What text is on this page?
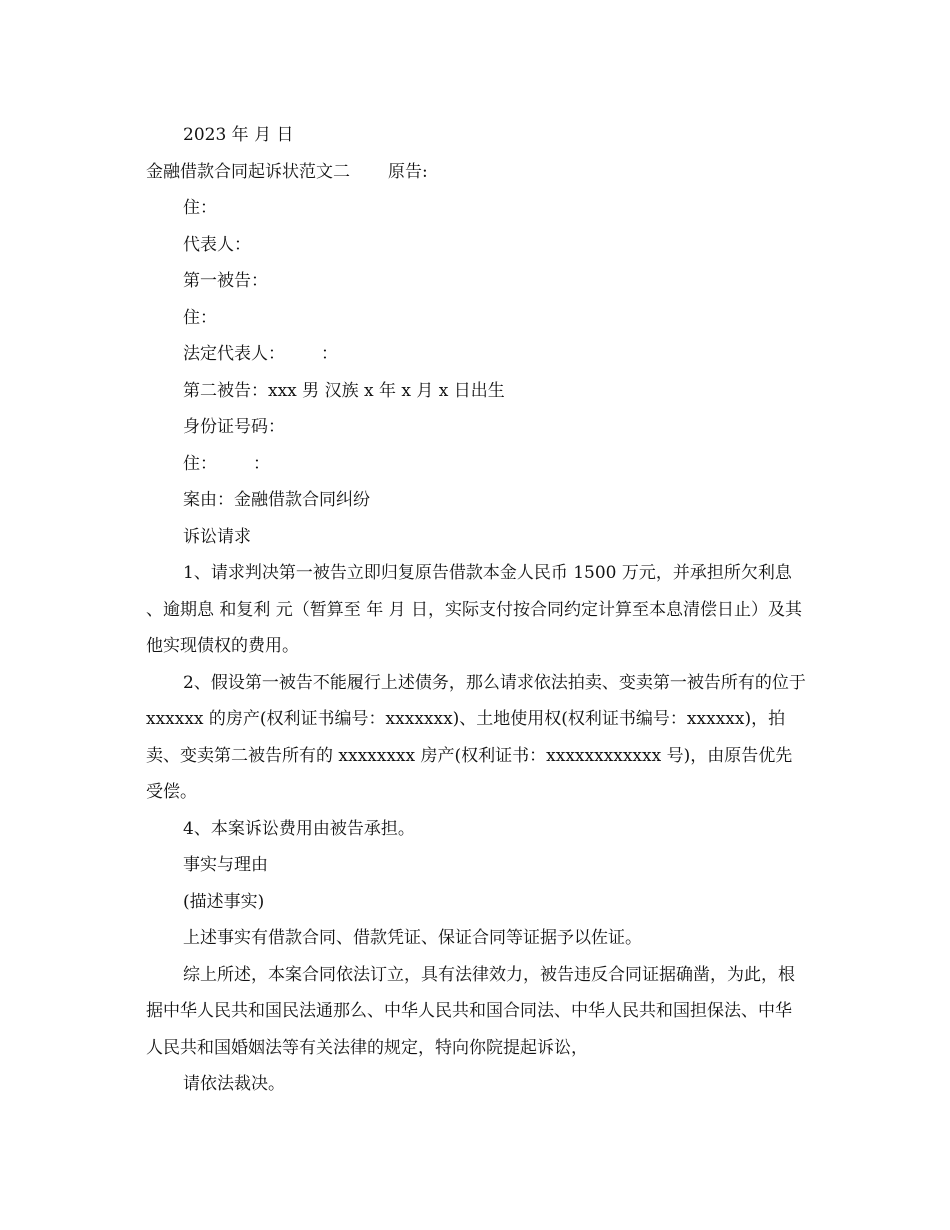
2023 年 月 日

金融借款合同起诉状范文二 原告:

住：

代表人：

第一被告：

住：

法定代表人： ：

第二被告：xxx 男 汉族 x 年 x 月 x 日出生

身份证号码：

住： ：

案由：金融借款合同纠纷

诉讼请求

1、请求判决第一被告立即归复原告借款本金人民币 1500 万元，并承担所欠利息 、逾期息 和复利 元（暂算至 年 月 日，实际支付按合同约定计算至本息清偿日止）及其他实现债权的费用。

2、假设第一被告不能履行上述债务，那么请求依法拍卖、变卖第一被告所有的位于 xxxxxx 的房产(权利证书编号：xxxxxxx)、土地使用权(权利证书编号：xxxxxx)，拍卖、变卖第二被告所有的 xxxxxxxx 房产(权利证书：xxxxxxxxxxxx 号)，由原告优先受偿。

4、本案诉讼费用由被告承担。

事实与理由

(描述事实)

上述事实有借款合同、借款凭证、保证合同等证据予以佐证。

综上所述，本案合同依法订立，具有法律效力，被告违反合同证据确凿，为此，根据中华人民共和国民法通那么、中华人民共和国合同法、中华人民共和国担保法、中华人民共和国婚姻法等有关法律的规定，特向你院提起诉讼，

请依法裁决。
